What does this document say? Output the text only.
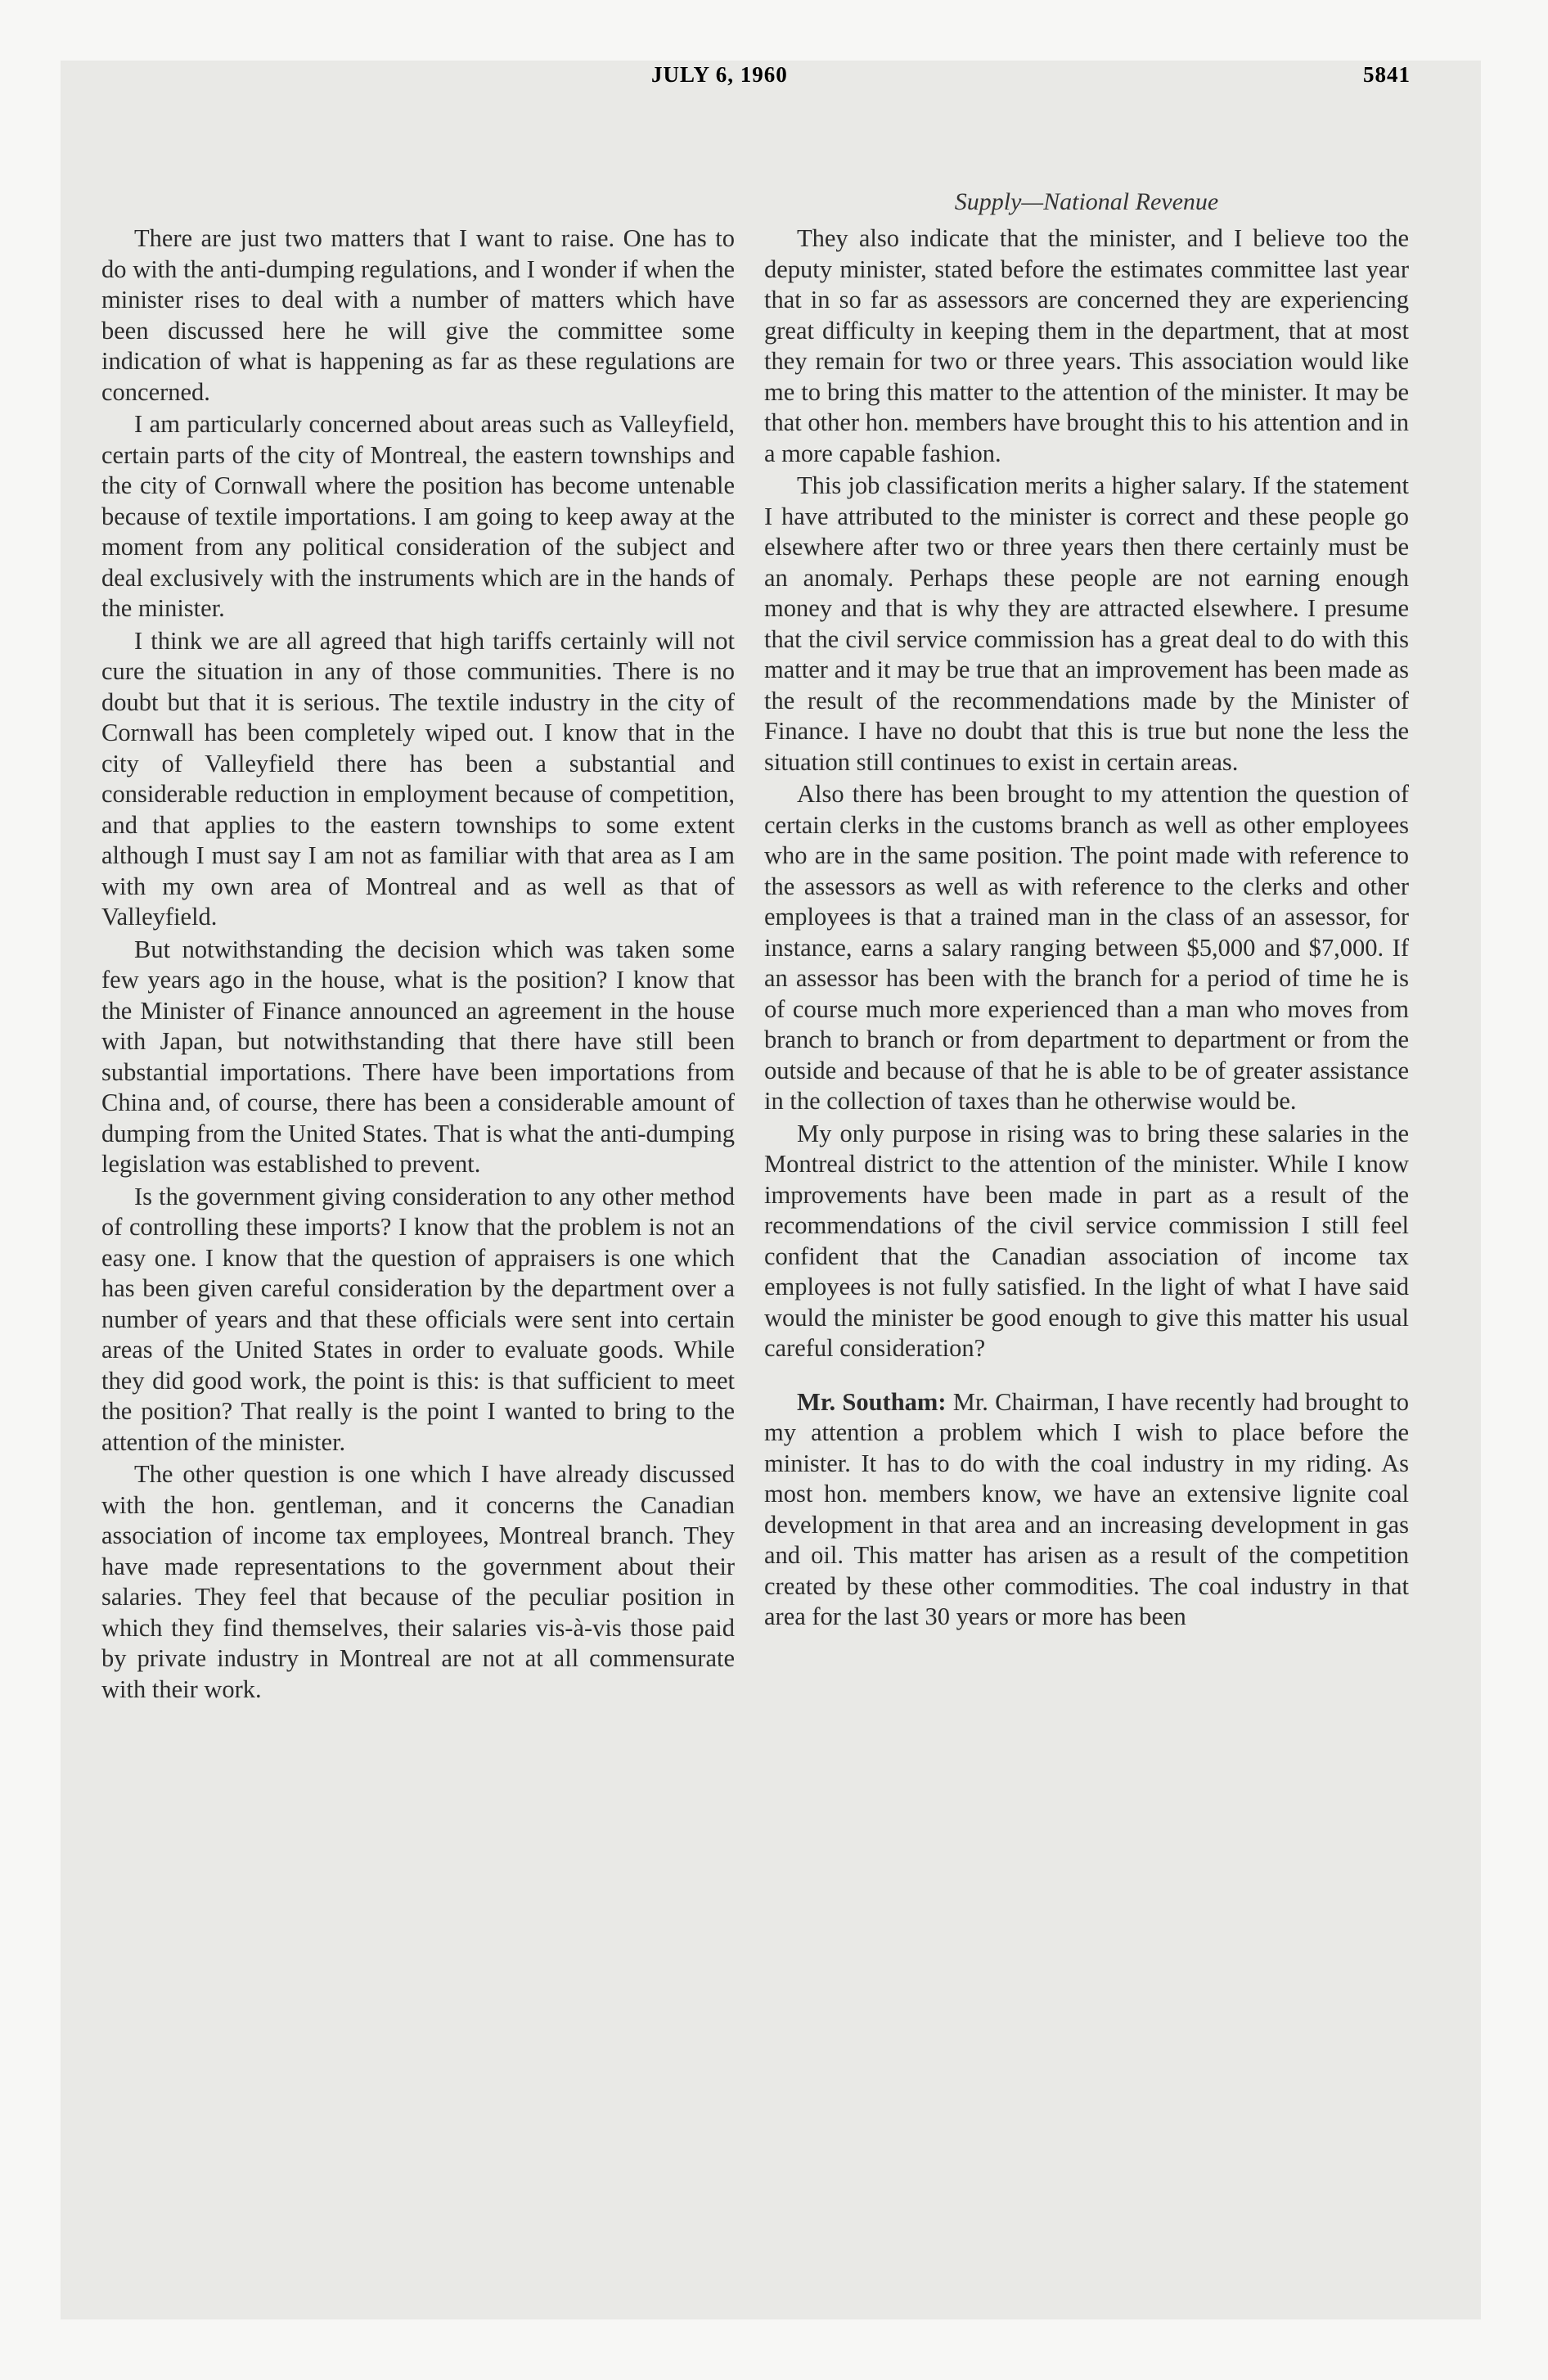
JULY 6, 1960	5841
Supply—National Revenue

There are just two matters that I want to raise. One has to do with the anti-dumping regulations, and I wonder if when the minister rises to deal with a number of matters which have been discussed here he will give the committee some indication of what is happening as far as these regulations are concerned.

I am particularly concerned about areas such as Valleyfield, certain parts of the city of Montreal, the eastern townships and the city of Cornwall where the position has become untenable because of textile importations. I am going to keep away at the moment from any political consideration of the subject and deal exclusively with the instruments which are in the hands of the minister.

I think we are all agreed that high tariffs certainly will not cure the situation in any of those communities. There is no doubt but that it is serious. The textile industry in the city of Cornwall has been completely wiped out. I know that in the city of Valleyfield there has been a substantial and considerable reduction in employment because of competition, and that applies to the eastern townships to some extent although I must say I am not as familiar with that area as I am with my own area of Montreal and as well as that of Valleyfield.

But notwithstanding the decision which was taken some few years ago in the house, what is the position? I know that the Minister of Finance announced an agreement in the house with Japan, but notwithstanding that there have still been substantial importations. There have been importations from China and, of course, there has been a considerable amount of dumping from the United States. That is what the anti-dumping legislation was established to prevent.

Is the government giving consideration to any other method of controlling these imports? I know that the problem is not an easy one. I know that the question of appraisers is one which has been given careful consideration by the department over a number of years and that these officials were sent into certain areas of the United States in order to evaluate goods. While they did good work, the point is this: is that sufficient to meet the position? That really is the point I wanted to bring to the attention of the minister.

The other question is one which I have already discussed with the hon. gentleman, and it concerns the Canadian association of income tax employees, Montreal branch. They have made representations to the government about their salaries. They feel that because of the peculiar position in which they find themselves, their salaries vis-à-vis those paid by private industry in Montreal are not at all commensurate with their work.

They also indicate that the minister, and I believe too the deputy minister, stated before the estimates committee last year that in so far as assessors are concerned they are experiencing great difficulty in keeping them in the department, that at most they remain for two or three years. This association would like me to bring this matter to the attention of the minister. It may be that other hon. members have brought this to his attention and in a more capable fashion.

This job classification merits a higher salary. If the statement I have attributed to the minister is correct and these people go elsewhere after two or three years then there certainly must be an anomaly. Perhaps these people are not earning enough money and that is why they are attracted elsewhere. I presume that the civil service commission has a great deal to do with this matter and it may be true that an improvement has been made as the result of the recommendations made by the Minister of Finance. I have no doubt that this is true but none the less the situation still continues to exist in certain areas.

Also there has been brought to my attention the question of certain clerks in the customs branch as well as other employees who are in the same position. The point made with reference to the assessors as well as with reference to the clerks and other employees is that a trained man in the class of an assessor, for instance, earns a salary ranging between $5,000 and $7,000. If an assessor has been with the branch for a period of time he is of course much more experienced than a man who moves from branch to branch or from department to department or from the outside and because of that he is able to be of greater assistance in the collection of taxes than he otherwise would be.

My only purpose in rising was to bring these salaries in the Montreal district to the attention of the minister. While I know improvements have been made in part as a result of the recommendations of the civil service commission I still feel confident that the Canadian association of income tax employees is not fully satisfied. In the light of what I have said would the minister be good enough to give this matter his usual careful consideration?

Mr. Southam: Mr. Chairman, I have recently had brought to my attention a problem which I wish to place before the minister. It has to do with the coal industry in my riding. As most hon. members know, we have an extensive lignite coal development in that area and an increasing development in gas and oil. This matter has arisen as a result of the competition created by these other commodities. The coal industry in that area for the last 30 years or more has been
